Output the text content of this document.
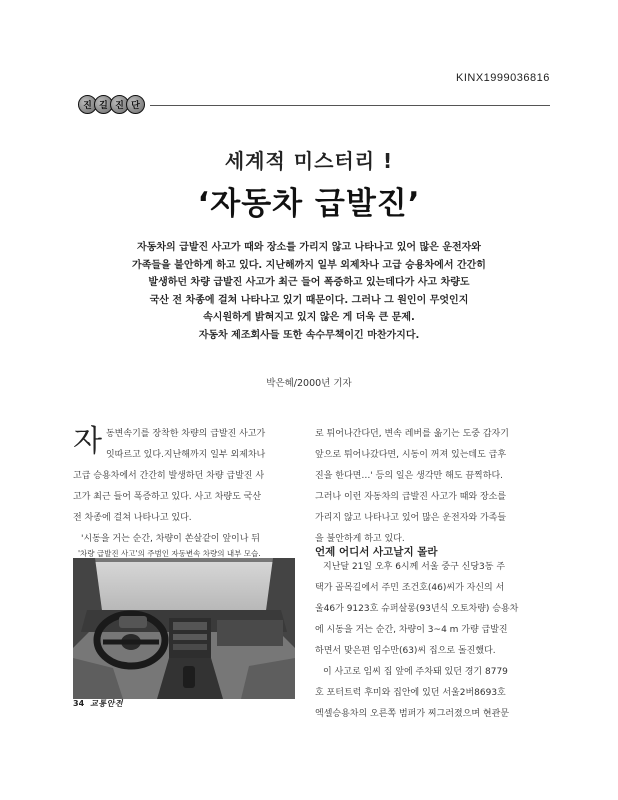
KINX1999036816
진 길 진 단
세계적 미스터리 !
‘자동차 급발진’
자동차의 급발진 사고가 때와 장소를 가리지 않고 나타나고 있어 많은 운전자와
가족들을 불안하게 하고 있다. 지난해까지 일부 외제차나 고급 승용차에서 간간히
발생하던 차량 급발진 사고가 최근 들어 폭증하고 있는데다가 사고 차량도
국산 전 차종에 걸쳐 나타나고 있기 때문이다. 그러나 그 원인이 무엇인지
속시원하게 밝혀지고 있지 않은 게 더욱 큰 문제.
자동차 제조회사들 또한 속수무책이긴 마찬가지다.
박은혜/2000년 기자
자 동변속기를 장착한 차량의 급발진 사고가
잇따르고 있다.지난해까지 일부 외제차나
고급 승용차에서 간간히 발생하던 차량 급발진 사
고가 최근 들어 폭증하고 있다. 사고 차량도 국산
전 차종에 걸쳐 나타나고 있다.
'시동을 거는 순간, 차량이 쏜살같이 앞이나 뒤
로 튀어나간다던, 변속 레버를 옮기는 도중 갑자기
앞으로 튀어나갔다면, 시동이 꺼져 있는데도 급후
진을 한다면…' 등의 일은 생각만 해도 끔찍하다.
그러나 이런 자동차의 급발진 사고가 때와 장소를
가리지 않고 나타나고 있어 많은 운전자와 가족들
을 불안하게 하고 있다.
언제 어디서 사고날지 몰라
지난달 21일 오후 6시께 서울 중구 신당3동 주
택가 골목길에서 주민 조건호(46)씨가 자신의 서
울46가 9123호 슈퍼살롱(93년식 오토차량) 승용차
에 시동을 거는 순간, 차량이 3~4 m 가량 급발진
하면서 맞은편 임수만(63)씨 집으로 돌진했다.
이 사고로 임씨 집 앞에 주차돼 있던 경기 8779
호 포터트럭 후미와 집안에 있던 서울2버8693호
엑셀승용차의 오른쪽 범퍼가 찌그러졌으며 현관문
'차량 급발진 사고'의 주범인 자동변속 차량의 내부 모습.
34 교통안전
